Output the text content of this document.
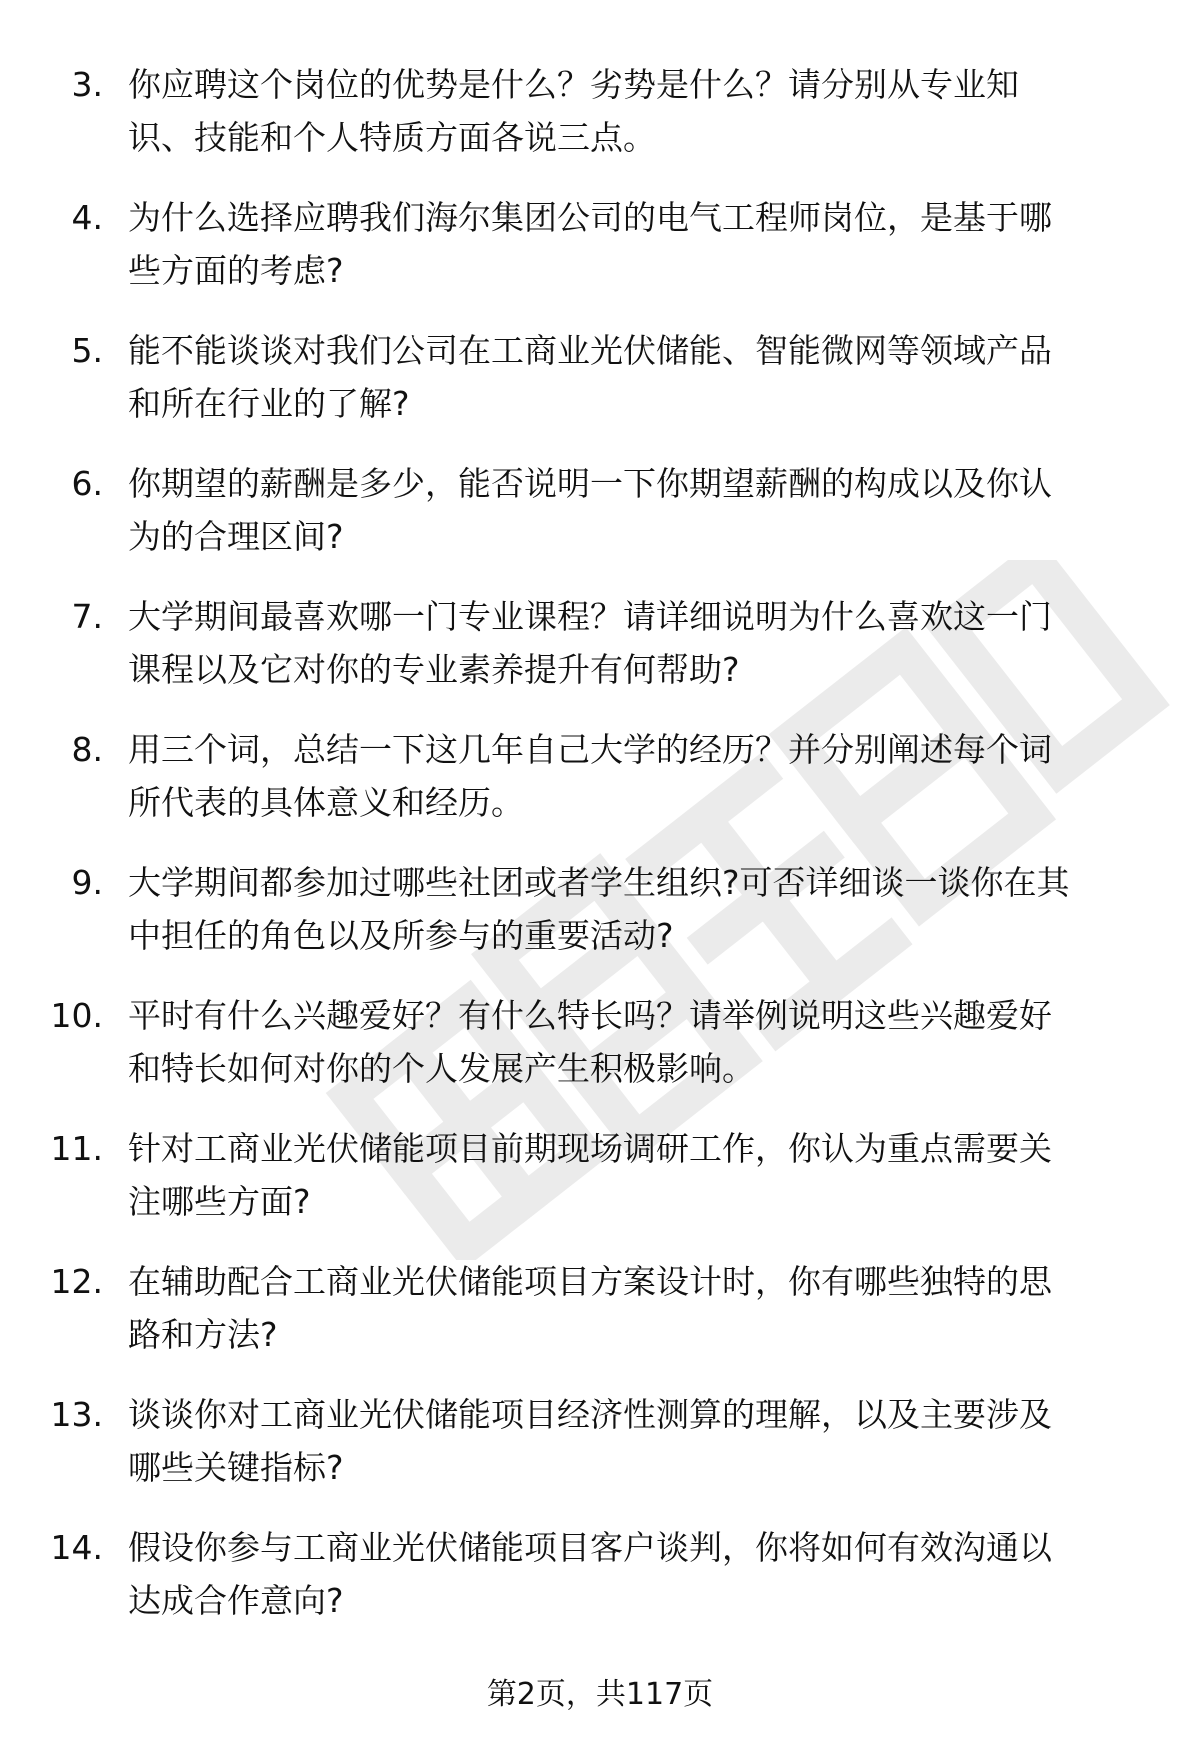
3. 你应聘这个岗位的优势是什么？劣势是什么？请分别从专业知
识、技能和个人特质方面各说三点。
4. 为什么选择应聘我们海尔集团公司的电气工程师岗位，是基于哪
些方面的考虑?
5. 能不能谈谈对我们公司在工商业光伏储能、智能微网等领域产品
和所在行业的了解?
6. 你期望的薪酬是多少，能否说明一下你期望薪酬的构成以及你认
为的合理区间?
7. 大学期间最喜欢哪一门专业课程？请详细说明为什么喜欢这一门
课程以及它对你的专业素养提升有何帮助?
8. 用三个词，总结一下这几年自己大学的经历？并分别阐述每个词
所代表的具体意义和经历。
9. 大学期间都参加过哪些社团或者学生组织?可否详细谈一谈你在其
中担任的角色以及所参与的重要活动?
10. 平时有什么兴趣爱好？有什么特长吗？请举例说明这些兴趣爱好
和特长如何对你的个人发展产生积极影响。
11. 针对工商业光伏储能项目前期现场调研工作，你认为重点需要关
注哪些方面?
12. 在辅助配合工商业光伏储能项目方案设计时，你有哪些独特的思
路和方法?
13. 谈谈你对工商业光伏储能项目经济性测算的理解，以及主要涉及
哪些关键指标?
14. 假设你参与工商业光伏储能项目客户谈判，你将如何有效沟通以
达成合作意向?
第2页，共117页
